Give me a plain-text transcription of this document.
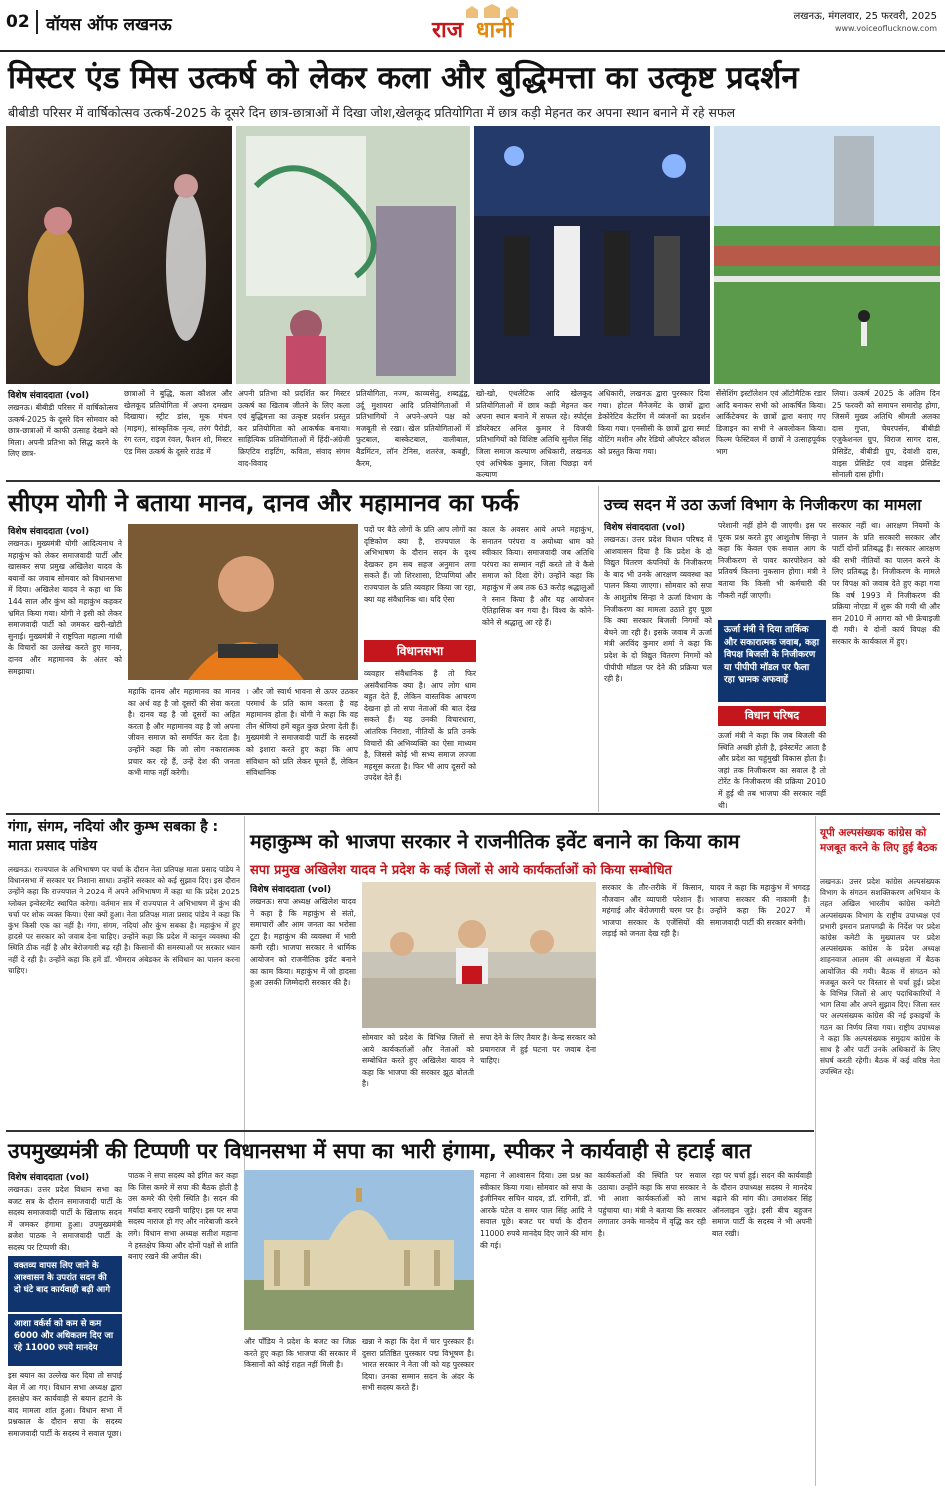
02 वॉयस ऑफ लखनऊ	राज धानी
लखनऊ, मंगलवार, 25 फरवरी, 2025
www.voiceoflucknow.com
मिस्टर एंड मिस उत्कर्ष को लेकर कला और बुद्धिमत्ता का उत्कृष्ट प्रदर्शन
बीबीडी परिसर में वार्षिकोत्सव उत्कर्ष-2025 के दूसरे दिन छात्र-छात्राओं में दिखा जोश,खेलकूद प्रतियोगिता में छात्र कड़ी मेहनत कर अपना स्थान बनाने में रहे सफल
विशेष संवाददाता (vol)
लखनऊ। बीबीडी परिसर में वार्षिकोत्सव उत्कर्ष-2025 के दूसरे दिन सोमवार को छात्र-छात्राओं में काफी उत्साह देखने को मिला। अपनी प्रतिभा को सिद्ध करने के लिए छात्र-
छात्राओं ने बुद्धि, कला कौशल और खेलकूद प्रतियोगिता में अपना दमखम दिखाया। स्ट्रीट डांस, मूक मंचन (माइम), सांस्कृतिक नृत्य, तरंग पैरोडी, रंग रतन, राइज रंवल, फैशन शो, मिस्टर एंड मिस उत्कर्ष के दूसरे राउंड में
अपनी प्रतिभा को प्रदर्शित कर मिस्टर उत्कर्ष का खिताब जीतने के लिए कला एवं बुद्धिमत्ता का उत्कृष्ट प्रदर्शन प्रस्तुत कर प्रतियोगिता को आकर्षक बनाया। साहित्यिक प्रतियोगिताओं में हिंदी-अंग्रेजी क्रिएटिव राइटिंग, कविता, संवाद संगम वाद-विवाद
प्रतियोगिता, नज्म, काव्यसेतु, शब्दद्वंद्व, उर्दू मुशायरा आदि प्रतियोगिताओं में प्रतिभागियों ने अपने-अपने पक्ष को मजबूती से रखा। खेल प्रतियोगिताओं में फुटबाल, बास्केटबाल, वालीबाल, बैडमिंटन, लॉन टेनिस, शतरंज, कबड्डी, कैरम,
खो-खो, एथलेटिक आदि खेलकूद प्रतियोगिताओं में छात्र कड़ी मेहनत कर अपना स्थान बनाने में सफल रहे। स्पोर्ट्स डॉयरेक्टर अनिल कुमार ने विजयी प्रतिभागियों को विशिष्ट अतिथि सुनील सिंह जिला समाज कल्याण अधिकारी, लखनऊ एवं अभिषेक कुमार, जिला पिछड़ा वर्ग कल्याण
अधिकारी, लखनऊ द्वारा पुरस्कार दिया गया। होटल मैनेजमेंट के छात्रों द्वारा डेकोरेटिव केटरिंग में व्यंजनों का प्रदर्शन किया गया। एनसीसी के छात्रों द्वारा स्मार्ट वोटिंग मशीन और रेडियो ऑपरेटर कौशल को प्रस्तुत किया गया।
सेंसेशिंग इस्टॉलेशन एवं ऑटोमैटिक रडार आदि बनाकर सभी को आकर्षित किया। आर्किटेक्चर के छात्रों द्वारा बनाए गए डिजाइन का सभी ने अवलोकन किया। फिल्म फेस्टिवल में छात्रों ने उत्साहपूर्वक भाग
लिया। उत्कर्ष 2025 के अंतिम दिन 25 फरवरी को समापन समारोह होगा, जिसमें मुख्य अतिथि श्रीमती अलका दास गुप्ता, चेयरपर्सन, बीबीडी एजुकेशनल ग्रुप, विराज सागर दास, प्रेसिडेंट, बीबीडी ग्रुप, देवांशी दास, वाइस प्रेसिडेंट एवं वाइस प्रेसिडेंट सोनाली दास होंगी।
सीएम योगी ने बताया मानव, दानव और महामानव का फर्क
विशेष संवाददाता (vol)
लखनऊ। मुख्यमंत्री योगी आदित्यनाथ ने महाकुंभ को लेकर समाजवादी पार्टी और खासकर सपा प्रमुख अखिलेश यादव के बयानों का जवाब सोमवार को विधानसभा में दिया। अखिलेश यादव ने कहा था कि 144 साल और कुंभ को महाकुंभ कहकर भ्रमित किया गया। योगी ने इसी को लेकर समाजवादी पार्टी को जमकर खरी-खोटी सुनाई। मुख्यमंत्री ने राष्ट्रपिता महात्मा गांधी के विचारों का उल्लेख करते हुए मानव, दानव और महामानव के अंतर को समझाया।
महाकि दानव और महामानव का मानव का अर्थ वह है जो दूसरों की सेवा करता है। दानव वह है जो दूसरों का अहित करता है और महामानव वह है जो अपना जीवन समाज को समर्पित कर देता है। उन्होंने कहा कि जो लोग नकारात्मक प्रचार कर रहे हैं, उन्हें देश की जनता कभी माफ नहीं करेगी।
। और जो स्वार्थ भावना से ऊपर उठकर परमार्थ के प्रति काम करता है वह महामानव होता है। योगी ने कहा कि वह तीन श्रेणियां हमें बहुत कुछ प्रेरणा देती हैं। मुख्यमंत्री ने समाजवादी पार्टी के सदस्यों को इशारा करते हुए कहा कि आप संविधान को प्रति लेकर घूमते हैं, लेकिन संविधानिक
पदों पर बैठे लोगों के प्रति आप लोगों का दृष्टिकोण क्या है, राज्यपाल के अभिभाषण के दौरान सदन के दृश्य देखकर हम सब सहज अनुमान लगा सकते हैं। जो शिरशासा, टिप्पणियां और राज्यपाल के प्रति व्यवहार किया जा रहा, क्या यह संवैधानिक था। यदि ऐसा
विधानसभा
व्यवहार संवैधानिक है तो फिर असंवैधानिक क्या है। आप लोग धाम बहुत देते हैं, लेकिन वास्तविक आचरण देखना हो तो सपा नेताओं की बात देख सकते हैं। यह उनकी विचारधारा, आंतरिक निराशा, नीतियों के प्रति उनके विचारों की अभिव्यक्ति का ऐसा माध्यम है, जिससे कोई भी सभ्य समाज लज्जा महसूस करता है। फिर भी आप दूसरों को उपदेश देते हैं।
काल के अवसर आये अपने महाकुंभ, सनातन परंपरा व अयोध्या धाम को स्वीकार किया। समाजवादी जब अतिथि परंपरा का सम्मान नहीं करते तो वे कैसे समाज को दिशा देंगे। उन्होंने कहा कि महाकुंभ में अब तक 63 करोड़ श्रद्धालुओं ने स्नान किया है और यह आयोजन ऐतिहासिक बन गया है। विश्व के कोने-कोने से श्रद्धालु आ रहे हैं।
उच्च सदन में उठा ऊर्जा विभाग के निजीकरण का मामला
विशेष संवाददाता (vol)
लखनऊ। उत्तर प्रदेश विधान परिषद में आशवासन दिया है कि प्रदेश के दो विद्युत वितरण कंपनियों के निजीकरण के बाद भी उनके आरक्षण व्यवस्था का पालन किया जाएगा। सोमवार को सपा के आशुतोष सिन्हा ने ऊर्जा विभाग के निजीकरण का मामला उठाते हुए पूछा कि क्या सरकार बिजली निगमों को बेचने जा रही है। इसके जवाब में ऊर्जा मंत्री अरविंद कुमार शर्मा ने कहा कि प्रदेश के दो विद्युत वितरण निगमों को पीपीपी मॉडल पर देने की प्रक्रिया चल रही है।
परेशानी नहीं होने दी जाएगी। इस पर पूरक प्रश्न करते हुए आशुतोष सिन्हा ने कहा कि केवल एक सवाल आग के निजीकरण से पावर कारपोरेशन को प्रतिवर्ष कितना नुकसान होगा। मंत्री ने बताया कि किसी भी कर्मचारी की नौकरी नहीं जाएगी।
ऊर्जा मंत्री ने दिया तार्किक और सकारात्मक जवाब, कहा विपक्ष बिजली के निजीकरण या पीपीपी मॉडल पर फैला रहा भ्रामक अफवाहें
विधान परिषद
ऊर्जा मंत्री ने कहा कि जब बिजली की स्थिति अच्छी होती है, इंवेस्टमेंट आता है और प्रदेश का चहुंमुखी विकास होता है। जहां तक निजीकरण का सवाल है तो टोरेंट के निजीकरण की प्रक्रिया 2010 में हुई थी तब भाजपा की सरकार नहीं थी।
सरकार नहीं था। आरक्षण नियमों के पालन के प्रति सरकारी सरकार और पार्टी दोनों प्रतिबद्ध हैं। सरकार आरक्षण की सभी नीतियों का पालन करने के लिए प्रतिबद्ध है। निजीकरण के मामले पर विपक्ष को जवाब देते हुए कहा गया कि वर्ष 1993 में निजीकरण की प्रक्रिया नोएडा में शुरू की गयी थी और सन 2010 में आगरा को भी फ्रेंचाइजी दी गयी। ये दोनों कार्य विपक्ष की सरकार के कार्यकाल में हुए।
गंगा, संगम, नदियां और कुम्भ सबका है : माता प्रसाद पांडेय
लखनऊ। राज्यपाल के अभिभाषण पर चर्चा के दौरान नेता प्रतिपक्ष माता प्रसाद पांडेय ने विधानसभा में सरकार पर निशाना साधा। उन्होंने सरकार को कई सुझाव दिए। इस दौरान उन्होंने कहा कि राज्यपाल ने 2024 में अपने अभिभाषण में कहा था कि प्रदेश 2025 ग्लोबल इन्वेस्टमेंट स्थापित करेगा। वर्तमान सत्र में राज्यपाल ने अभिभाषण में कुंभ की चर्चा पर शोक व्यक्त किया। ऐसा क्यों हुआ। नेता प्रतिपक्ष माता प्रसाद पांडेय ने कहा कि कुंभ किसी एक का नहीं है। गंगा, संगम, नदियां और कुंभ सबका है। महाकुंभ में हुए हादसे पर सरकार को जवाब देना चाहिए। उन्होंने कहा कि प्रदेश में कानून व्यवस्था की स्थिति ठीक नहीं है और बेरोजगारी बढ़ रही है। किसानों की समस्याओं पर सरकार ध्यान नहीं दे रही है। उन्होंने कहा कि हमें डॉ. भीमराव अंबेडकर के संविधान का पालन करना चाहिए।
महाकुम्भ को भाजपा सरकार ने राजनीतिक इवेंट बनाने का किया काम
सपा प्रमुख अखिलेश यादव ने प्रदेश के कई जिलों से आये कार्यकर्ताओं को किया सम्बोधित
विशेष संवाददाता (vol)
लखनऊ। सपा अध्यक्ष अखिलेश यादव ने कहा है कि महाकुंभ से संतो, समाचारों और आम जनता का भरोसा टूटा है। महाकुंभ की व्यवस्था में भारी कमी रही। भाजपा सरकार ने धार्मिक आयोजन को राजनीतिक इवेंट बनाने का काम किया। महाकुंभ में जो हादसा हुआ उसकी जिम्मेदारी सरकार की है।
सोमवार को प्रदेश के विभिन्न जिलों से आये कार्यकर्ताओं और नेताओं को सम्बोधित करते हुए अखिलेश यादव ने कहा कि भाजपा की सरकार झूठ बोलती है।
सपा देने के लिए तैयार है। केन्द्र सरकार को प्रयागराज में हुई घटना पर जवाब देना चाहिए।
सरकार के तौर-तरीके में किसान, नौजवान और व्यापारी परेशान हैं। महंगाई और बेरोजगारी चरम पर है। भाजपा सरकार के एजेंसियों की लड़ाई को जनता देख रही है।
यादव ने कहा कि महाकुंभ में भगदड़ भाजपा सरकार की नाकामी है। उन्होंने कहा कि 2027 में समाजवादी पार्टी की सरकार बनेगी।
यूपी अल्पसंख्यक कांग्रेस को मजबूत करने के लिए हुई बैठक
लखनऊ। उत्तर प्रदेश कांग्रेस अल्पसंख्यक विभाग के संगठन सशक्तिकरण अभियान के तहत अखिल भारतीय कांग्रेस कमेटी अल्पसंख्यक विभाग के राष्ट्रीय उपाध्यक्ष एवं प्रभारी इमरान प्रतापगढ़ी के निर्देश पर प्रदेश कांग्रेस कमेटी के मुख्यालय पर प्रदेश अल्पसंख्यक कांग्रेस के प्रदेश अध्यक्ष शाहनवाज आलम की अध्यक्षता में बैठक आयोजित की गयी। बैठक में संगठन को मजबूत करने पर विस्तार से चर्चा हुई। प्रदेश के विभिन्न जिलों से आए पदाधिकारियों ने भाग लिया और अपने सुझाव दिए। जिला स्तर पर अल्पसंख्यक कांग्रेस की नई इकाइयों के गठन का निर्णय लिया गया। राष्ट्रीय उपाध्यक्ष ने कहा कि अल्पसंख्यक समुदाय कांग्रेस के साथ है और पार्टी उनके अधिकारों के लिए संघर्ष करती रहेगी। बैठक में कई वरिष्ठ नेता उपस्थित रहे।
उपमुख्यमंत्री की टिप्पणी पर विधानसभा में सपा का भारी हंगामा, स्पीकर ने कार्यवाही से हटाई बात
विशेष संवाददाता (vol)
लखनऊ। उत्तर प्रदेश विधान सभा का बजट सत्र के दौरान समाजवादी पार्टी के सदस्य समाजवादी पार्टी के खिलाफ सदन में जमकर हंगामा हुआ। उपमुख्यमंत्री ब्रजेश पाठक ने समाजवादी पार्टी के सदस्य पर टिप्पणी की।
वक्तव्य वापस लिए जाने के आश्वासन के उपरांत सदन की दो घंटे बाद कार्यवाही बढ़ी आगे
आशा वर्कर्स को कम से कम 6000 और अधिकतम दिए जा रहे 11000 रुपये मानदेय
इस बयान का उल्लेख कर दिया तो सपाई बेल में आ गए। विधान सभा अध्यक्ष द्वारा हस्तक्षेप कर कार्यवाही से बयान हटाने के बाद मामला शांत हुआ। विधान सभा में प्रश्नकाल के दौरान सपा के सदस्य समाजवादी पार्टी के सदस्य ने सवाल पूछा।
पाठक ने सपा सदस्य को इंगित कर कहा कि जिस कमरे में सपा की बैठक होती है उस कमरे की ऐसी स्थिति है। सदन की मर्यादा बनाए रखनी चाहिए। इस पर सपा सदस्य नाराज हो गए और नारेबाजी करने लगे। विधान सभा अध्यक्ष सतीश महाना ने हस्तक्षेप किया और दोनों पक्षों से शांति बनाए रखने की अपील की।
और पाँडिय ने प्रदेश के बजट का जिक्र करते हुए कहा कि भाजपा की सरकार में किसानों को कोई राहत नहीं मिली है।
खन्ना ने कहा कि देश में चार पुरस्कार हैं। दुसरा प्रतिष्ठित पुरस्कार पद्म विभूषण है। भारत सरकार ने नेता जी को यह पुरस्कार दिया। उनका सम्मान सदन के अंदर के सभी सदस्य करते हैं।
महाना ने आश्वासन दिया। उस प्रश्न का स्वीकार किया गया। सोमवार को सपा के इंजीनियर सचिन यादव, डॉ. रागिनी, डॉ. आरके पटेल व समर पाल सिंह आदि ने सवाल पूछे। बजट पर चर्चा के दौरान 11000 रुपये मानदेय दिए जाने की मांग की गई।
कार्यकर्ताओं की स्थिति पर सवाल उठाया। उन्होंने कहा कि सपा सरकार ने भी आशा कार्यकर्ताओं को लाभ पहुंचाया था। मंत्री ने बताया कि सरकार लगातार उनके मानदेय में वृद्धि कर रही है।
रहा पर चर्चा हुई। सदन की कार्यवाही के दौरान उपाध्यक्ष सदस्य ने मानदेय बढ़ाने की मांग की। उमाशंकर सिंह ऑनलाइन जुड़े। इसी बीच बहुजन समाज पार्टी के सदस्य ने भी अपनी बात रखी।
